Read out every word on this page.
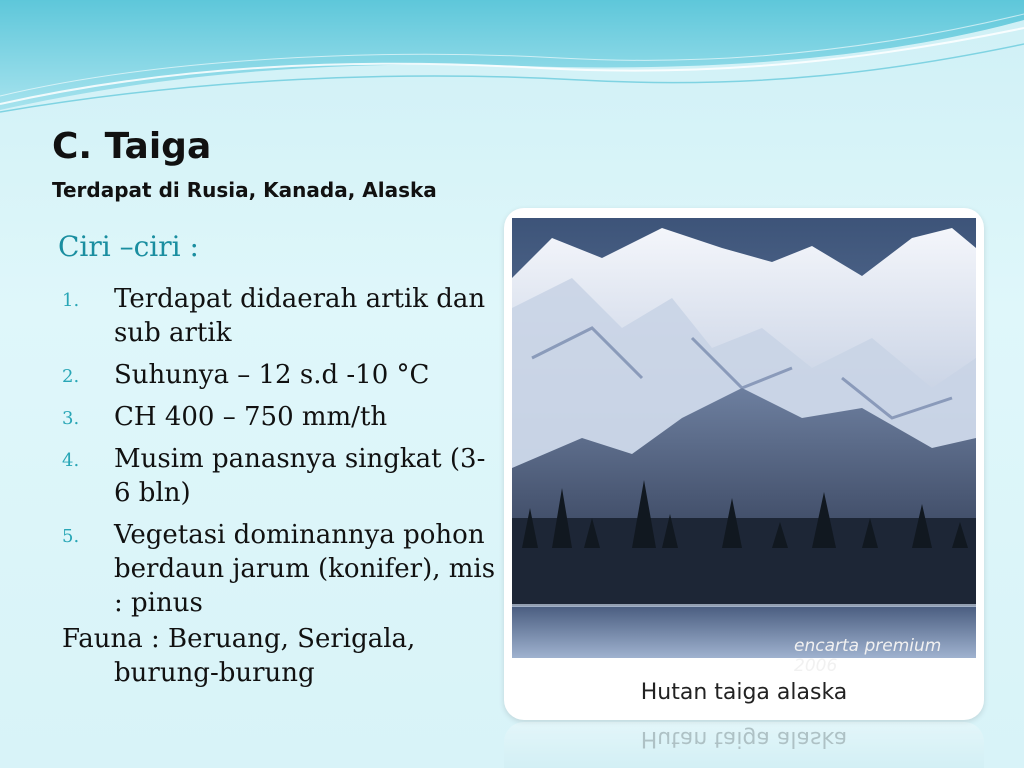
C. Taiga
Terdapat di Rusia, Kanada, Alaska

Ciri –ciri :

1. Terdapat didaerah artik dan sub artik
2. Suhunya – 12 s.d -10 °C
3. CH 400 – 750 mm/th
4. Musim panasnya singkat (3-6 bln)
5. Vegetasi dominannya pohon berdaun jarum (konifer), mis : pinus
Fauna : Beruang, Serigala,
burung-burung
encarta premium 2006
Hutan taiga alaska
Hutan taiga alaska
